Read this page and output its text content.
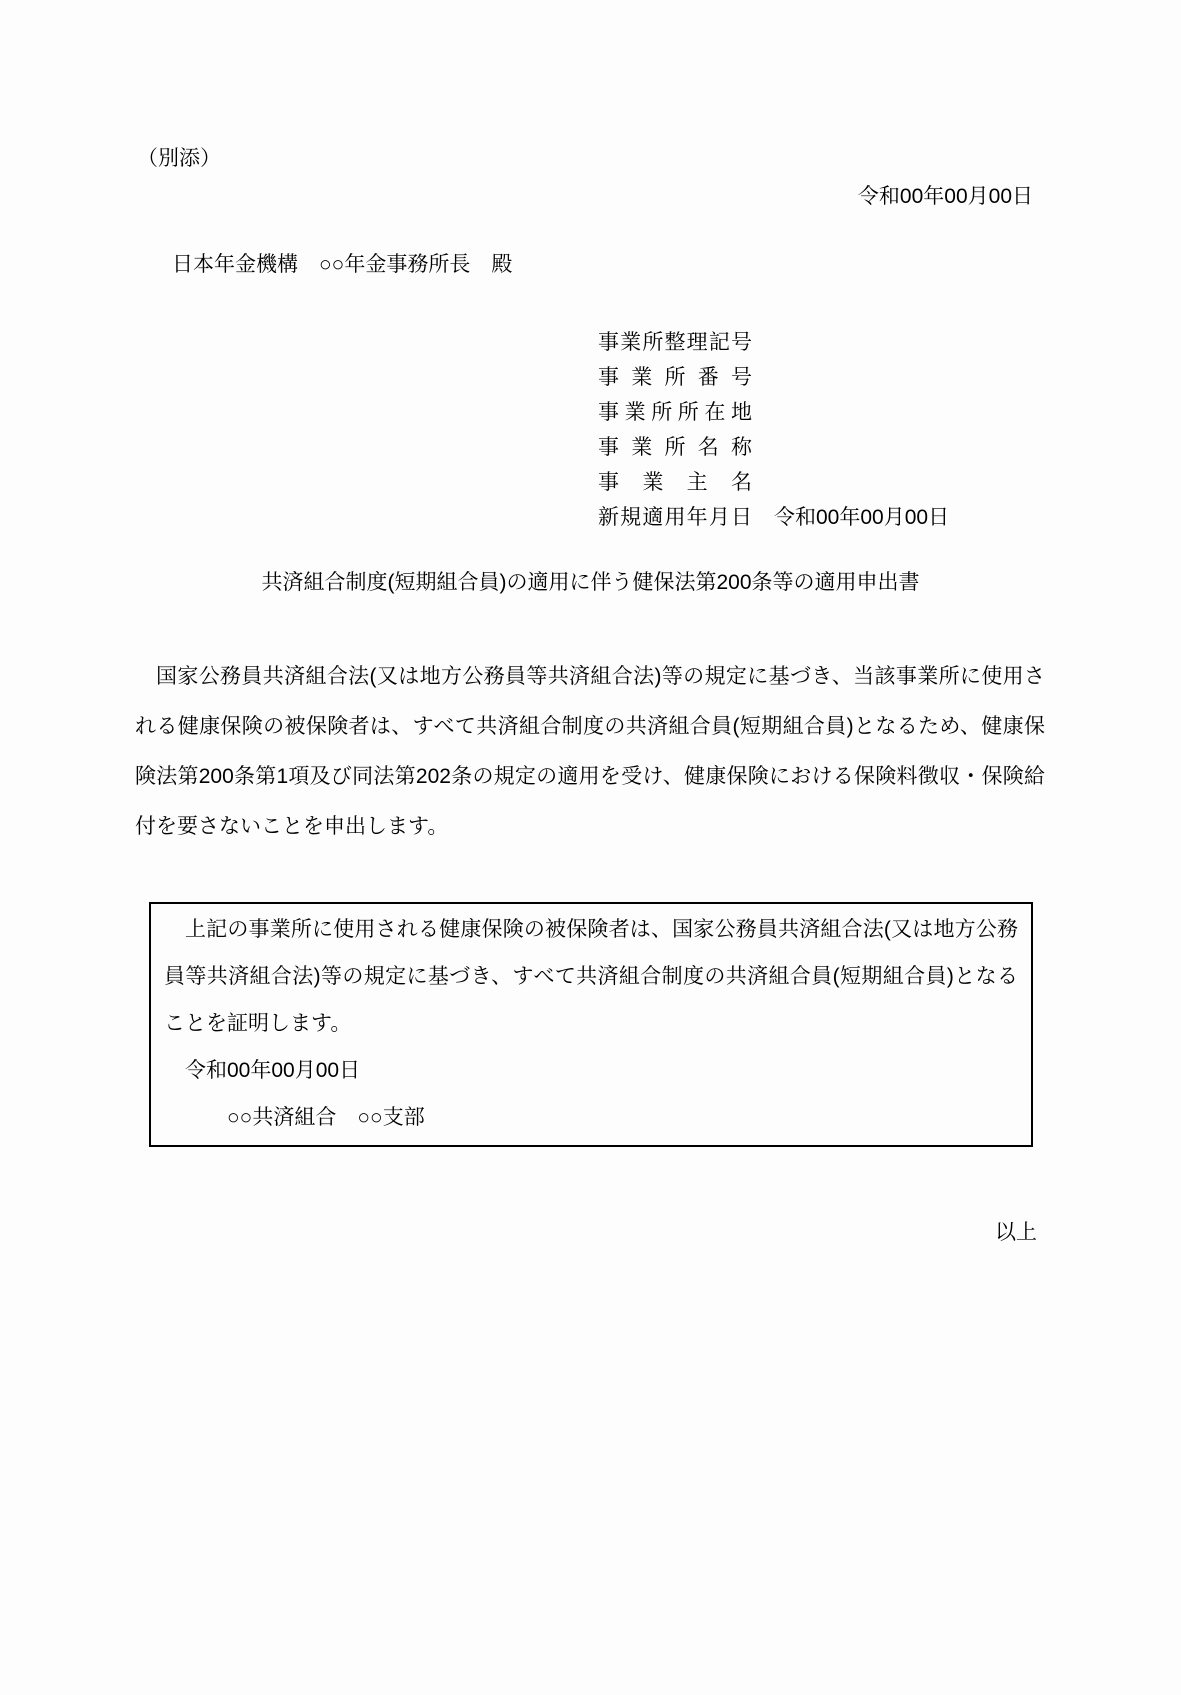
（別添）
令和00年00月00日
日本年金機構　○○年金事務所長　殿
事業所整理記号
事業所番号
事業所所在地
事業所名称
事業主名
新規適用年月日 令和00年00月00日
共済組合制度(短期組合員)の適用に伴う健保法第200条等の適用申出書

国家公務員共済組合法(又は地方公務員等共済組合法)等の規定に基づき、当該事業所に使用される健康保険の被保険者は、すべて共済組合制度の共済組合員(短期組合員)となるため、健康保険法第200条第1項及び同法第202条の規定の適用を受け、健康保険における保険料徴収・保険給付を要さないことを申出します。

上記の事業所に使用される健康保険の被保険者は、国家公務員共済組合法(又は地方公務員等共済組合法)等の規定に基づき、すべて共済組合制度の共済組合員(短期組合員)となることを証明します。

令和00年00月00日
○○共済組合　○○支部
以上
